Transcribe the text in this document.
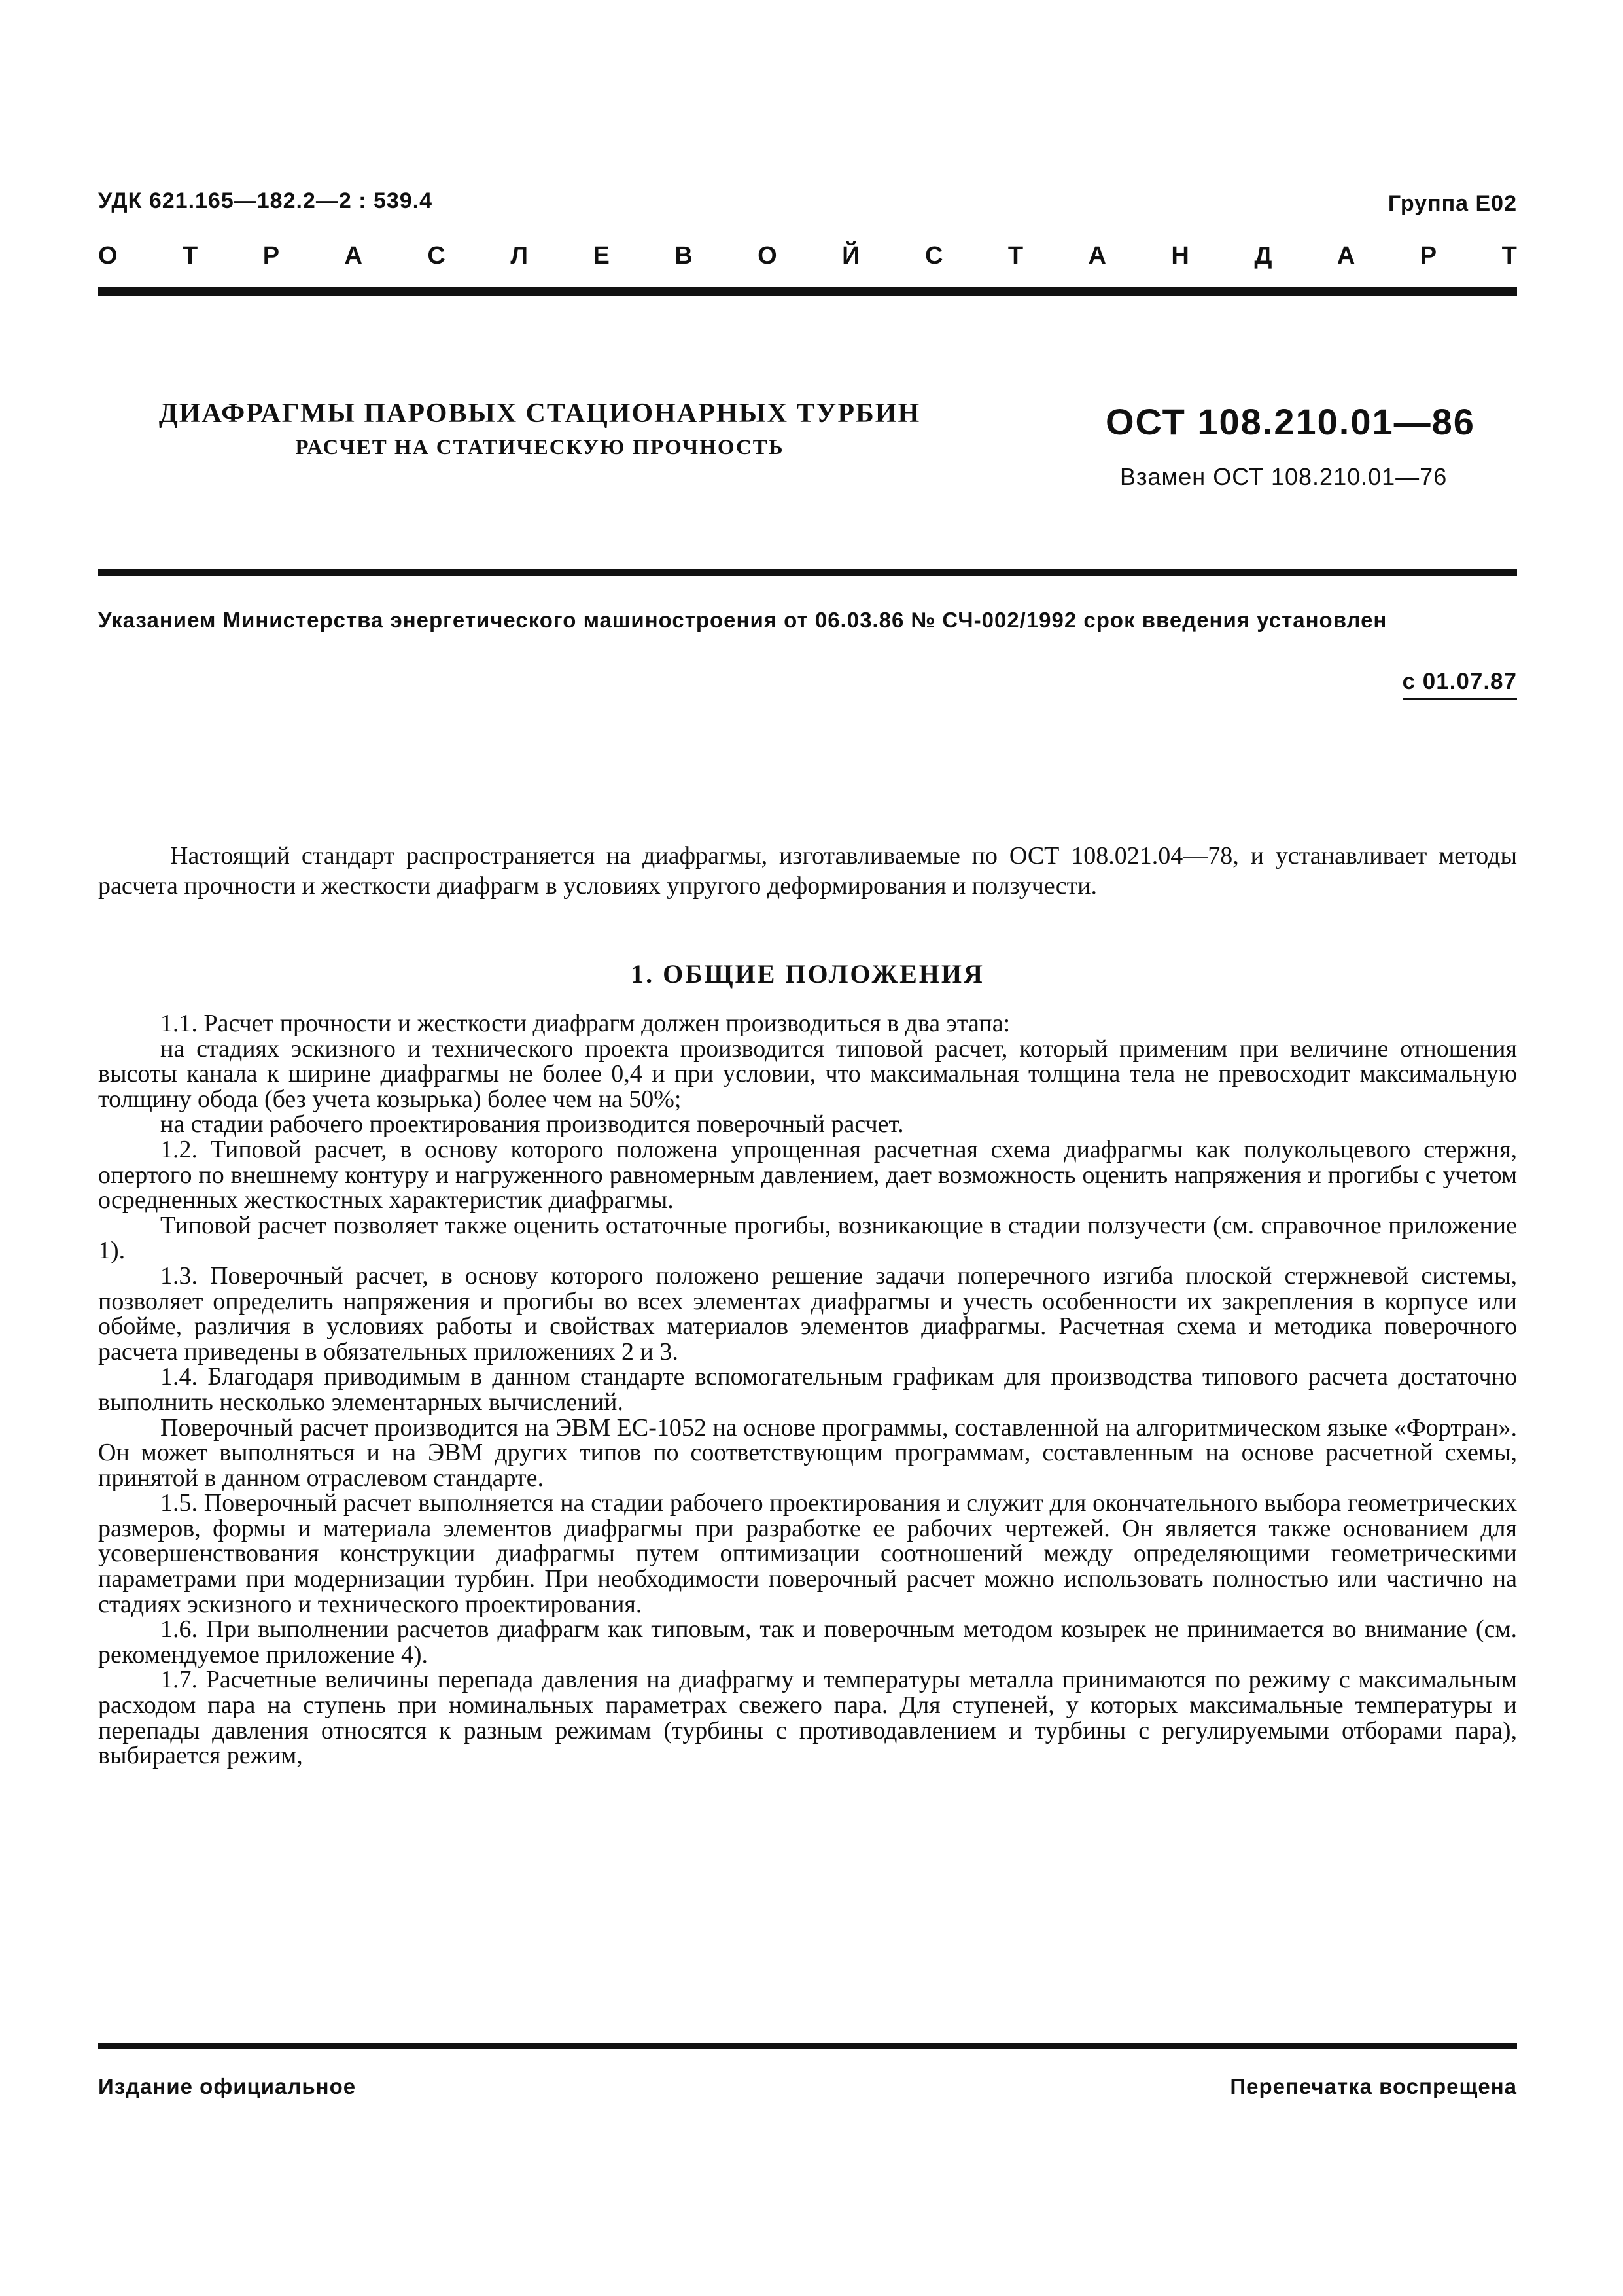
УДК 621.165—182.2—2 : 539.4	Группа Е02
О	Т	Р	А	С	Л	Е	В	О	Й	С	Т	А	Н	Д	А	Р	Т
ДИАФРАГМЫ ПАРОВЫХ СТАЦИОНАРНЫХ ТУРБИН
РАСЧЕТ НА СТАТИЧЕСКУЮ ПРОЧНОСТЬ
ОСТ 108.210.01—86
Взамен ОСТ 108.210.01—76
Указанием Министерства энергетического машиностроения от 06.03.86 № СЧ-002/1992 срок введения установлен
с 01.07.87

Настоящий стандарт распространяется на диафрагмы, изготавливаемые по ОСТ 108.021.04—78, и устанавливает методы расчета прочности и жесткости диафрагм в условиях упругого деформирования и ползучести.

1. ОБЩИЕ ПОЛОЖЕНИЯ

1.1. Расчет прочности и жесткости диафрагм должен производиться в два этапа:

на стадиях эскизного и технического проекта производится типовой расчет, который применим при величине отношения высоты канала к ширине диафрагмы не более 0,4 и при условии, что максимальная толщина тела не превосходит максимальную толщину обода (без учета козырька) более чем на 50%;

на стадии рабочего проектирования производится поверочный расчет.

1.2. Типовой расчет, в основу которого положена упрощенная расчетная схема диафрагмы как полукольцевого стержня, опертого по внешнему контуру и нагруженного равномерным давлением, дает возможность оценить напряжения и прогибы с учетом осредненных жесткостных характеристик диафрагмы.

Типовой расчет позволяет также оценить остаточные прогибы, возникающие в стадии ползучести (см. справочное приложение 1).

1.3. Поверочный расчет, в основу которого положено решение задачи поперечного изгиба плоской стержневой системы, позволяет определить напряжения и прогибы во всех элементах диафрагмы и учесть особенности их закрепления в корпусе или обойме, различия в условиях работы и свойствах материалов элементов диафрагмы. Расчетная схема и методика поверочного расчета приведены в обязательных приложениях 2 и 3.

1.4. Благодаря приводимым в данном стандарте вспомогательным графикам для производства типового расчета достаточно выполнить несколько элементарных вычислений.

Поверочный расчет производится на ЭВМ ЕС-1052 на основе программы, составленной на алгоритмическом языке «Фортран». Он может выполняться и на ЭВМ других типов по соответствующим программам, составленным на основе расчетной схемы, принятой в данном отраслевом стандарте.

1.5. Поверочный расчет выполняется на стадии рабочего проектирования и служит для окончательного выбора геометрических размеров, формы и материала элементов диафрагмы при разработке ее рабочих чертежей. Он является также основанием для усовершенствования конструкции диафрагмы путем оптимизации соотношений между определяющими геометрическими параметрами при модернизации турбин. При необходимости поверочный расчет можно использовать полностью или частично на стадиях эскизного и технического проектирования.

1.6. При выполнении расчетов диафрагм как типовым, так и поверочным методом козырек не принимается во внимание (см. рекомендуемое приложение 4).

1.7. Расчетные величины перепада давления на диафрагму и температуры металла принимаются по режиму с максимальным расходом пара на ступень при номинальных параметрах свежего пара. Для ступеней, у которых максимальные температуры и перепады давления относятся к разным режимам (турбины с противодавлением и турбины с регулируемыми отборами пара), выбирается режим,

Издание официальное	Перепечатка воспрещена
